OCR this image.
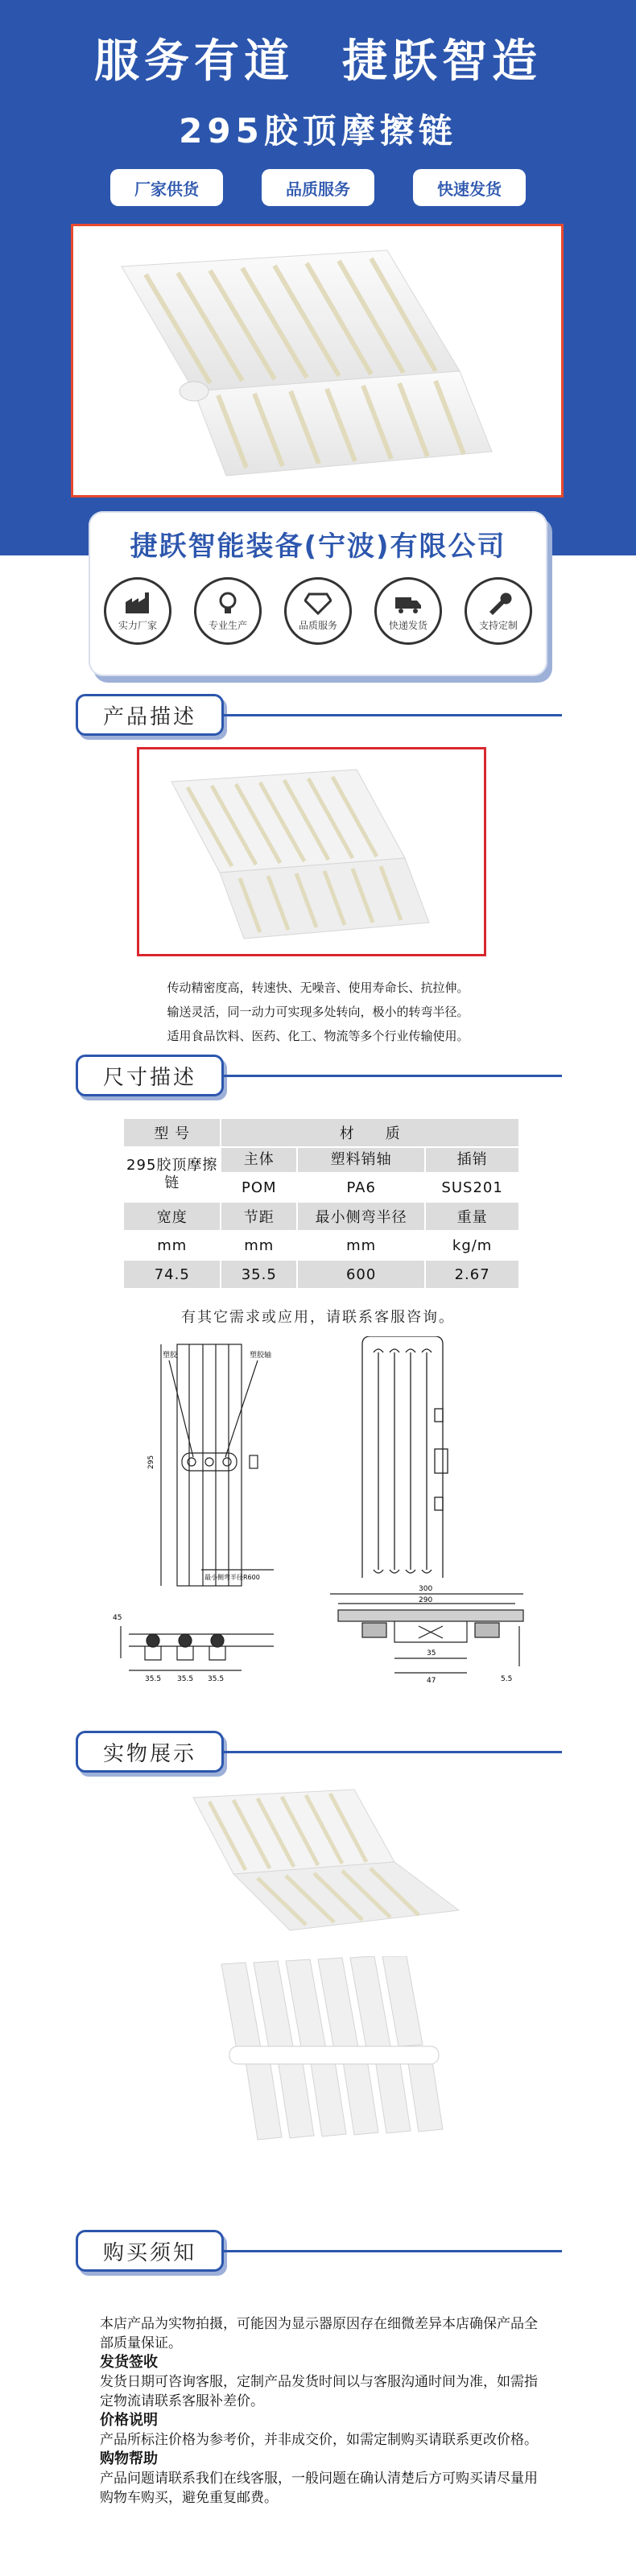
服务有道 捷跃智造
295胶顶摩擦链
厂家供货	品质服务	快速发货
捷跃智能装备(宁波)有限公司
实力厂家	专业生产	品质服务	快递发货	支持定制
产品描述
传动精密度高，转速快、无噪音、使用寿命长、抗拉伸。
输送灵活，同一动力可实现多处转向，极小的转弯半径。
适用食品饮料、医药、化工、物流等多个行业传输使用。
尺寸描述
型 号	材　　质		
295胶顶摩擦链	主体	塑料销轴	插销
	POM	PA6	SUS201
宽度	节距	最小侧弯半径	重量
mm	mm	mm	kg/m
74.5	35.5	600	2.67
有其它需求或应用，请联系客服咨询。
295
塑胶	塑胶轴
最小侧弯半径R600
35.5 35.5 35.5
45
300
290
35
47	5.5
实物展示
购买须知

本店产品为实物拍摄，可能因为显示器原因存在细微差异本店确保产品全部质量保证。

发货签收

发货日期可咨询客服，定制产品发货时间以与客服沟通时间为准，如需指定物流请联系客服补差价。

价格说明

产品所标注价格为参考价，并非成交价，如需定制购买请联系更改价格。

购物帮助

产品问题请联系我们在线客服，一般问题在确认清楚后方可购买请尽量用购物车购买，避免重复邮费。
